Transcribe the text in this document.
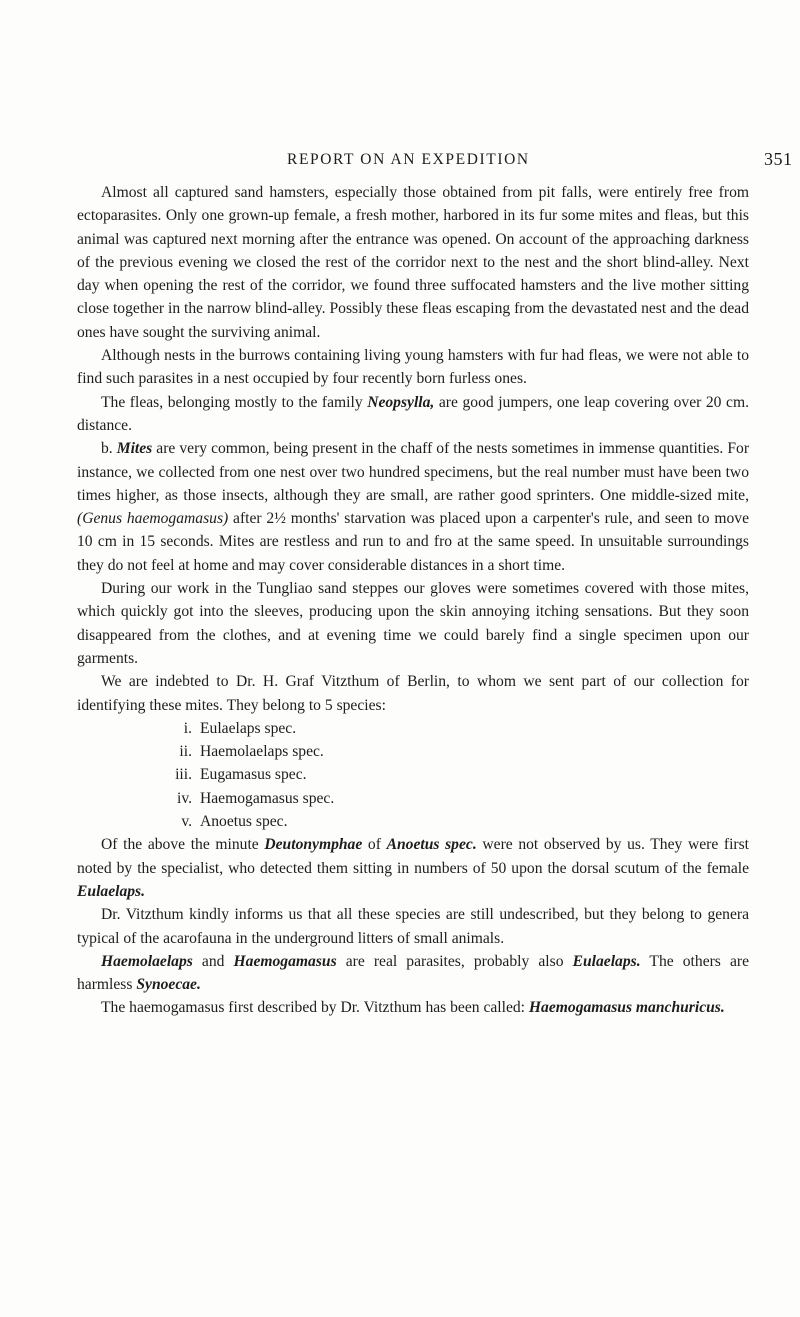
REPORT ON AN EXPEDITION	351

Almost all captured sand hamsters, especially those obtained from pit falls, were entirely free from ectoparasites. Only one grown-up female, a fresh mother, harbored in its fur some mites and fleas, but this animal was captured next morning after the entrance was opened. On account of the approaching darkness of the previous evening we closed the rest of the corridor next to the nest and the short blind-alley. Next day when opening the rest of the corridor, we found three suffocated hamsters and the live mother sitting close together in the narrow blind-alley. Possibly these fleas escaping from the devastated nest and the dead ones have sought the surviving animal.

Although nests in the burrows containing living young hamsters with fur had fleas, we were not able to find such parasites in a nest occupied by four recently born furless ones.

The fleas, belonging mostly to the family Neopsylla, are good jumpers, one leap covering over 20 cm. distance.

b. Mites are very common, being present in the chaff of the nests sometimes in immense quantities. For instance, we collected from one nest over two hundred specimens, but the real number must have been two times higher, as those insects, although they are small, are rather good sprinters. One middle-sized mite, (Genus haemogamasus) after 2½ months' starvation was placed upon a carpenter's rule, and seen to move 10 cm in 15 seconds. Mites are restless and run to and fro at the same speed. In unsuitable surroundings they do not feel at home and may cover considerable distances in a short time.

During our work in the Tungliao sand steppes our gloves were sometimes covered with those mites, which quickly got into the sleeves, producing upon the skin annoying itching sensations. But they soon disappeared from the clothes, and at evening time we could barely find a single specimen upon our garments.

We are indebted to Dr. H. Graf Vitzthum of Berlin, to whom we sent part of our collection for identifying these mites. They belong to 5 species:

i. Eulaelaps spec.
ii. Haemolaelaps spec.
iii. Eugamasus spec.
iv. Haemogamasus spec.
v. Anoetus spec.

Of the above the minute Deutonymphae of Anoetus spec. were not observed by us. They were first noted by the specialist, who detected them sitting in numbers of 50 upon the dorsal scutum of the female Eulaelaps.

Dr. Vitzthum kindly informs us that all these species are still undescribed, but they belong to genera typical of the acarofauna in the underground litters of small animals.

Haemolaelaps and Haemogamasus are real parasites, probably also Eulaelaps. The others are harmless Synoecae.

The haemogamasus first described by Dr. Vitzthum has been called: Haemogamasus manchuricus.
